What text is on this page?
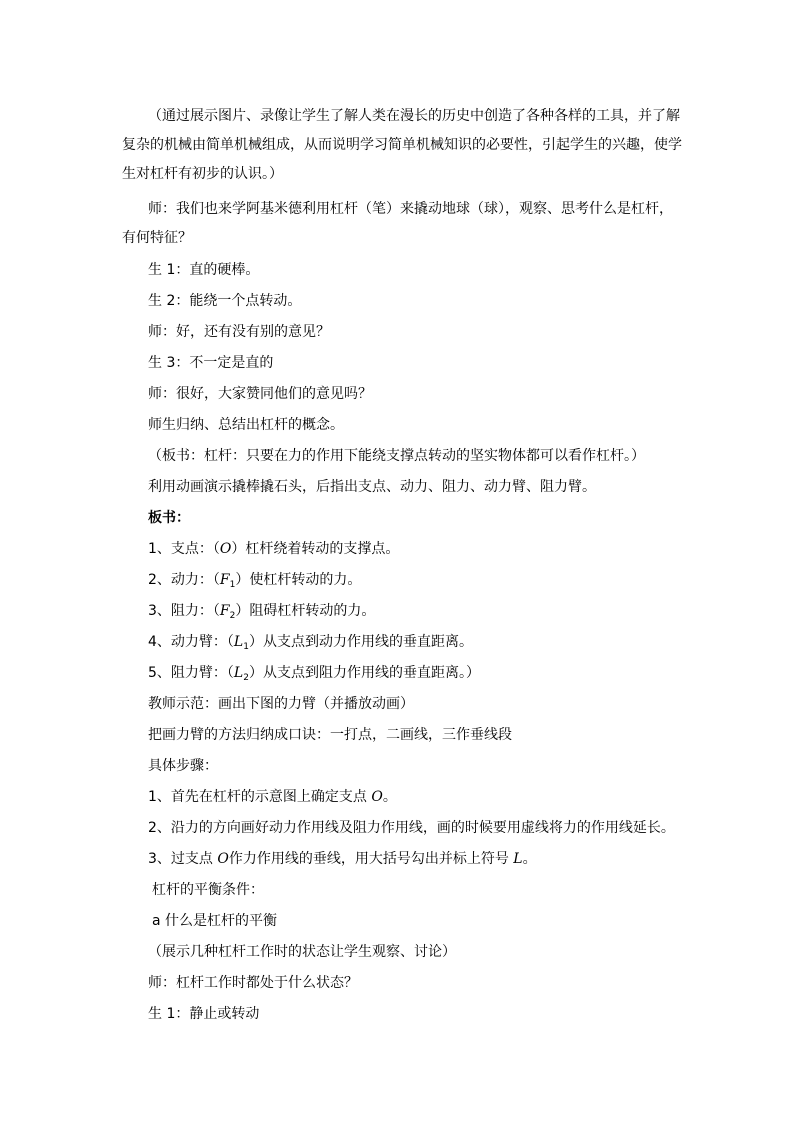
（通过展示图片、录像让学生了解人类在漫长的历史中创造了各种各样的工具，并了解复杂的机械由简单机械组成，从而说明学习简单机械知识的必要性，引起学生的兴趣，使学生对杠杆有初步的认识。）
师：我们也来学阿基米德利用杠杆（笔）来撬动地球（球），观察、思考什么是杠杆，有何特征？
生 1：直的硬棒。
生 2：能绕一个点转动。
师：好，还有没有别的意见？
生 3：不一定是直的
师：很好，大家赞同他们的意见吗？
师生归纳、总结出杠杆的概念。
（板书：杠杆：只要在力的作用下能绕支撑点转动的坚实物体都可以看作杠杆。）
利用动画演示撬棒撬石头，后指出支点、动力、阻力、动力臂、阻力臂。
板书：
1、支点：（O）杠杆绕着转动的支撑点。
2、动力：$(F_1)$使杠杆转动的力。
3、阻力：$(F_2)$阻碍杠杆转动的力。
4、动力臂：$(L_1)$从支点到动力作用线的垂直距离。
5、阻力臂：$(L_2)$从支点到阻力作用线的垂直距离。）
教师示范：画出下图的力臂（并播放动画）
把画力臂的方法归纳成口诀：一打点，二画线，三作垂线段
具体步骤：
1、首先在杠杆的示意图上确定支点 O。
2、沿力的方向画好动力作用线及阻力作用线，画的时候要用虚线将力的作用线延长。
3、过支点 O作力作用线的垂线，用大括号勾出并标上符号 L。
杠杆的平衡条件：
a 什么是杠杆的平衡
（展示几种杠杆工作时的状态让学生观察、讨论）
师：杠杆工作时都处于什么状态？
生 1：静止或转动
